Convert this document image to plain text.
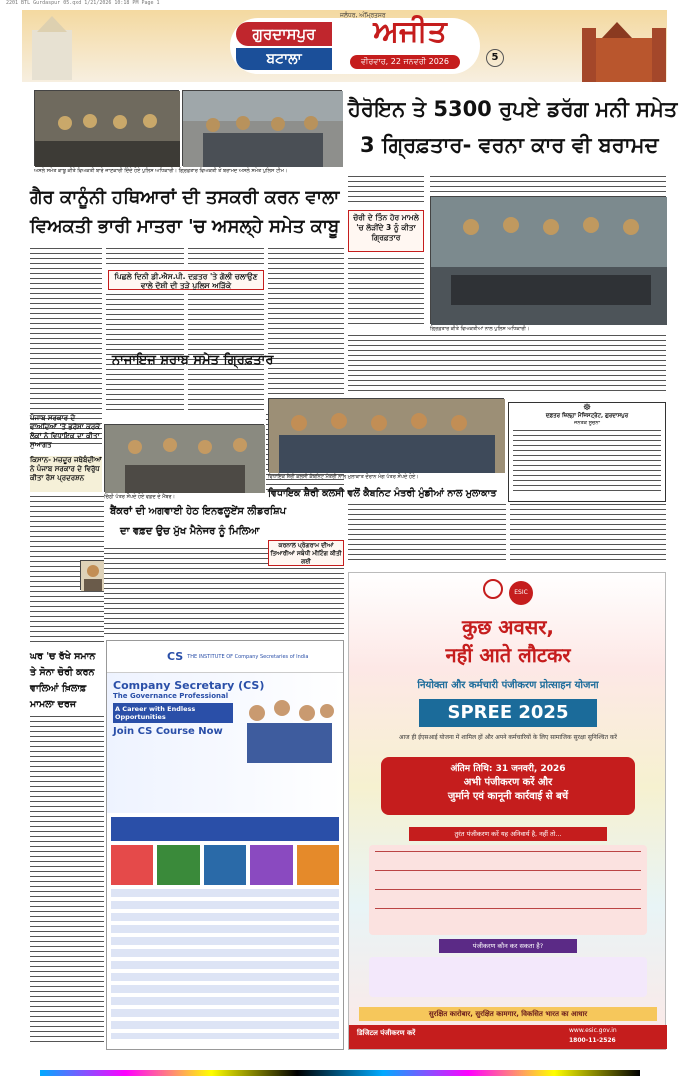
2201 BTL Gurdaspur 05.qxd 1/21/2026 10:18 PM Page 1
ਗੁਰਦਾਸਪੁਰ
ਬਟਾਲਾ
ਜਲੰਧਰ, ਅੰਮ੍ਰਿਤਸਰ
ਅਜੀਤ
ਵੀਰਵਾਰ, 22 ਜਨਵਰੀ 2026	5
ਅਸਲੇ ਸਮੇਤ ਕਾਬੂ ਕੀਤੇ ਵਿਅਕਤੀ ਬਾਰੇ ਜਾਣਕਾਰੀ ਦਿੰਦੇ ਹੋਏ ਪੁਲਿਸ ਅਧਿਕਾਰੀ। ਗ੍ਰਿਫ਼ਤਾਰ ਵਿਅਕਤੀ ਤੋਂ ਬਰਾਮਦ ਅਸਲੇ ਸਮੇਤ ਪੁਲਿਸ ਟੀਮ।
ਹੈਰੋਇਨ ਤੇ 5300 ਰੁਪਏ ਡਰੱਗ ਮਨੀ ਸਮੇਤ
3 ਗ੍ਰਿਫ਼ਤਾਰ- ਵਰਨਾ ਕਾਰ ਵੀ ਬਰਾਮਦ
ਗੈਰ ਕਾਨੂੰਨੀ ਹਥਿਆਰਾਂ ਦੀ ਤਸਕਰੀ ਕਰਨ ਵਾਲਾ
ਵਿਅਕਤੀ ਭਾਰੀ ਮਾਤਰਾ 'ਚ ਅਸਲ੍ਹੇ ਸਮੇਤ ਕਾਬੂ
ਪਿਛਲੇ ਦਿਨੀ ਡੀ.ਐਸ.ਪੀ. ਦਫ਼ਤਰ 'ਤੇ ਗੋਲੀ ਚਲਾਉਣ ਵਾਲੇ ਦੋਸ਼ੀ ਦੀ ਤੜੇ ਪੁਲਿਸ ਅੜਿੱਕੇ
ਚੋਰੀ ਦੇ ਤਿੰਨ ਹੋਰ ਮਾਮਲੇ 'ਚ ਲੋੜੀਂਦੇ 3 ਨੂੰ ਕੀਤਾ ਗ੍ਰਿਫ਼ਤਾਰ
ਗ੍ਰਿਫ਼ਤਾਰ ਕੀਤੇ ਵਿਅਕਤੀਆਂ ਨਾਲ ਪੁਲਿਸ ਅਧਿਕਾਰੀ।
ਨਾਜਾਇਜ਼ ਸ਼ਰਾਬ ਸਮੇਤ ਗ੍ਰਿਫ਼ਤਾਰ
☸
ਦਫ਼ਤਰ ਜ਼ਿਲ੍ਹਾ ਮੈਜਿਸਟ੍ਰੇਟ, ਗੁਰਦਾਸਪੁਰ
ਜਨਤਕ ਸੂਚਨਾ
ਪੰਜਾਬ ਸਰਕਾਰ ਦੇ ਵਾਅਦਿਆਂ 'ਤੇ ਭਰੋਸਾ ਕਰਕੇ ਲੋਕਾਂ ਨੇ ਵਿਧਾਇਕ ਦਾ ਕੀਤਾ ਸੁਆਗਤ
ਵਿਧਾਇਕ ਸ਼ੈਰੀ ਕਲਸੀ ਕੈਬਨਿਟ ਮੰਤਰੀ ਨਾਲ ਮੁਲਾਕਾਤ ਦੌਰਾਨ ਮੰਗ ਪੱਤਰ ਸੌਂਪਦੇ ਹੋਏ।
ਵਿਧਾਇਕ ਸ਼ੈਰੀ ਕਲਸੀ ਵਲੋਂ ਕੈਬਨਿਟ ਮੰਤਰੀ ਮੁੰਡੀਆਂ ਨਾਲ ਮੁਲਾਕਾਤ
ਕਿਸਾਨ- ਮਜ਼ਦੂਰ ਜਥੇਬੰਦੀਆਂ ਨੇ ਪੰਜਾਬ ਸਰਕਾਰ ਦੇ ਵਿਰੁੱਧ ਕੀਤਾ ਰੋਸ ਪ੍ਰਦਰਸ਼ਨ
ਚਿੱਠੀ ਪੱਤਰ ਸੌਂਪਦੇ ਹੋਏ ਵਫ਼ਦ ਦੇ ਮੈਂਬਰ।
ਬੈਂਕਰਾਂ ਦੀ ਅਗਵਾਈ ਹੇਠ ਇਨਫਲੂਏਂਸ ਲੀਡਰਸ਼ਿਪ
ਦਾ ਵਫ਼ਦ ਉਚ ਮੁੱਖ ਮੈਨੇਜਰ ਨੂੰ ਮਿਲਿਆ
ਕਰਨਾਲ ਪ੍ਰੋਗਰਾਮ ਦੀਆਂ ਤਿਆਰੀਆਂ ਸਬੰਧੀ ਮੀਟਿੰਗ ਕੀਤੀ ਗਈ
ਘਰ 'ਚ ਰੱਖੇ ਸਮਾਨ
ਤੇ ਸੋਨਾ ਚੋਰੀ ਕਰਨ
ਵਾਲਿਆਂ ਖ਼ਿਲਾਫ਼
ਮਾਮਲਾ ਦਰਜ
CS THE INSTITUTE OF Company Secretaries of India
Company Secretary (CS)
The Governance Professional
A Career with Endless Opportunities
Join CS Course Now
ESIC
कुछ अवसर,
नहीं आते लौटकर
नियोक्ता और कर्मचारी पंजीकरण प्रोत्साहन योजना
SPREE 2025
आज ही ईएसआई योजना में शामिल हों और अपने कर्मचारियों के लिए सामाजिक सुरक्षा सुनिश्चित करें
अंतिम तिथि: 31 जनवरी, 2026
अभी पंजीकरण करें और
जुर्माने एवं कानूनी कार्रवाई से बचें
तुरंत पंजीकरण करें यह अनिवार्य है, नहीं तो...
पंजीकरण कौन कर सकता है?
सुरक्षित कारोबार, सुरक्षित कामगार, विकसित भारत का आधार
डिजिटल पंजीकरण करें	www.esic.gov.in
1800-11-2526
